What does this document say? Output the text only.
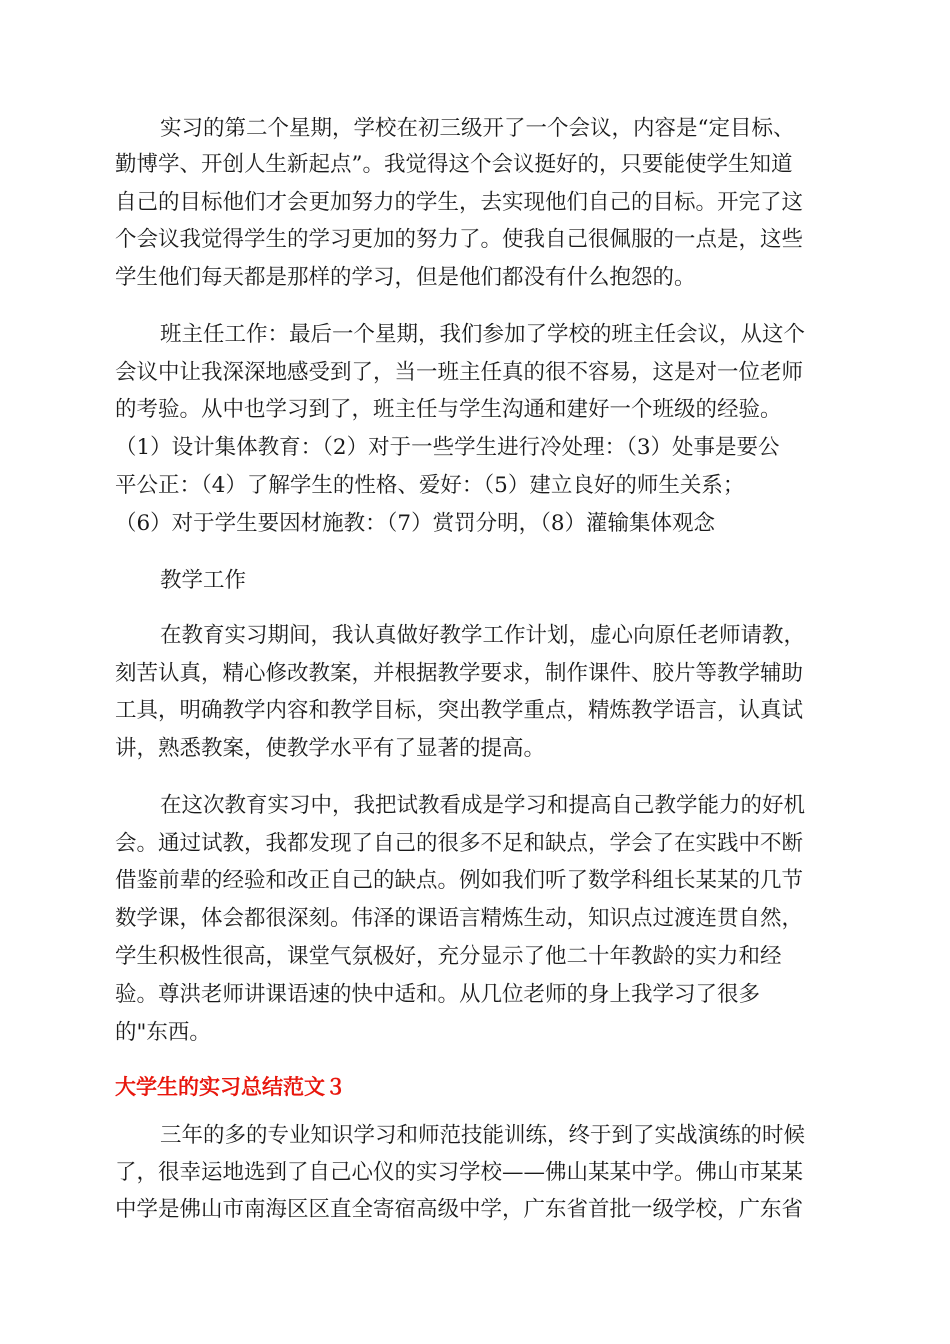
实习的第二个星期，学校在初三级开了一个会议，内容是“定目标、
勤博学、开创人生新起点”。我觉得这个会议挺好的，只要能使学生知道
自己的目标他们才会更加努力的学生，去实现他们自己的目标。开完了这
个会议我觉得学生的学习更加的努力了。使我自己很佩服的一点是，这些
学生他们每天都是那样的学习，但是他们都没有什么抱怨的。
班主任工作：最后一个星期，我们参加了学校的班主任会议，从这个
会议中让我深深地感受到了，当一班主任真的很不容易，这是对一位老师
的考验。从中也学习到了，班主任与学生沟通和建好一个班级的经验。
（1）设计集体教育：（2）对于一些学生进行冷处理：（3）处事是要公
平公正：（4）了解学生的性格、爱好：（5）建立良好的师生关系；
（6）对于学生要因材施教：（7）赏罚分明，（8）灌输集体观念
教学工作
在教育实习期间，我认真做好教学工作计划，虚心向原任老师请教，
刻苦认真，精心修改教案，并根据教学要求，制作课件、胶片等教学辅助
工具，明确教学内容和教学目标，突出教学重点，精炼教学语言，认真试
讲，熟悉教案，使教学水平有了显著的提高。
在这次教育实习中，我把试教看成是学习和提高自己教学能力的好机
会。通过试教，我都发现了自己的很多不足和缺点，学会了在实践中不断
借鉴前辈的经验和改正自己的缺点。例如我们听了数学科组长某某的几节
数学课，体会都很深刻。伟泽的课语言精炼生动，知识点过渡连贯自然，
学生积极性很高，课堂气氛极好，充分显示了他二十年教龄的实力和经
验。尊洪老师讲课语速的快中适和。从几位老师的身上我学习了很多
的"东西。
大学生的实习总结范文３
三年的多的专业知识学习和师范技能训练，终于到了实战演练的时候
了，很幸运地选到了自己心仪的实习学校——佛山某某中学。佛山市某某
中学是佛山市南海区区直全寄宿高级中学，广东省首批一级学校，广东省
